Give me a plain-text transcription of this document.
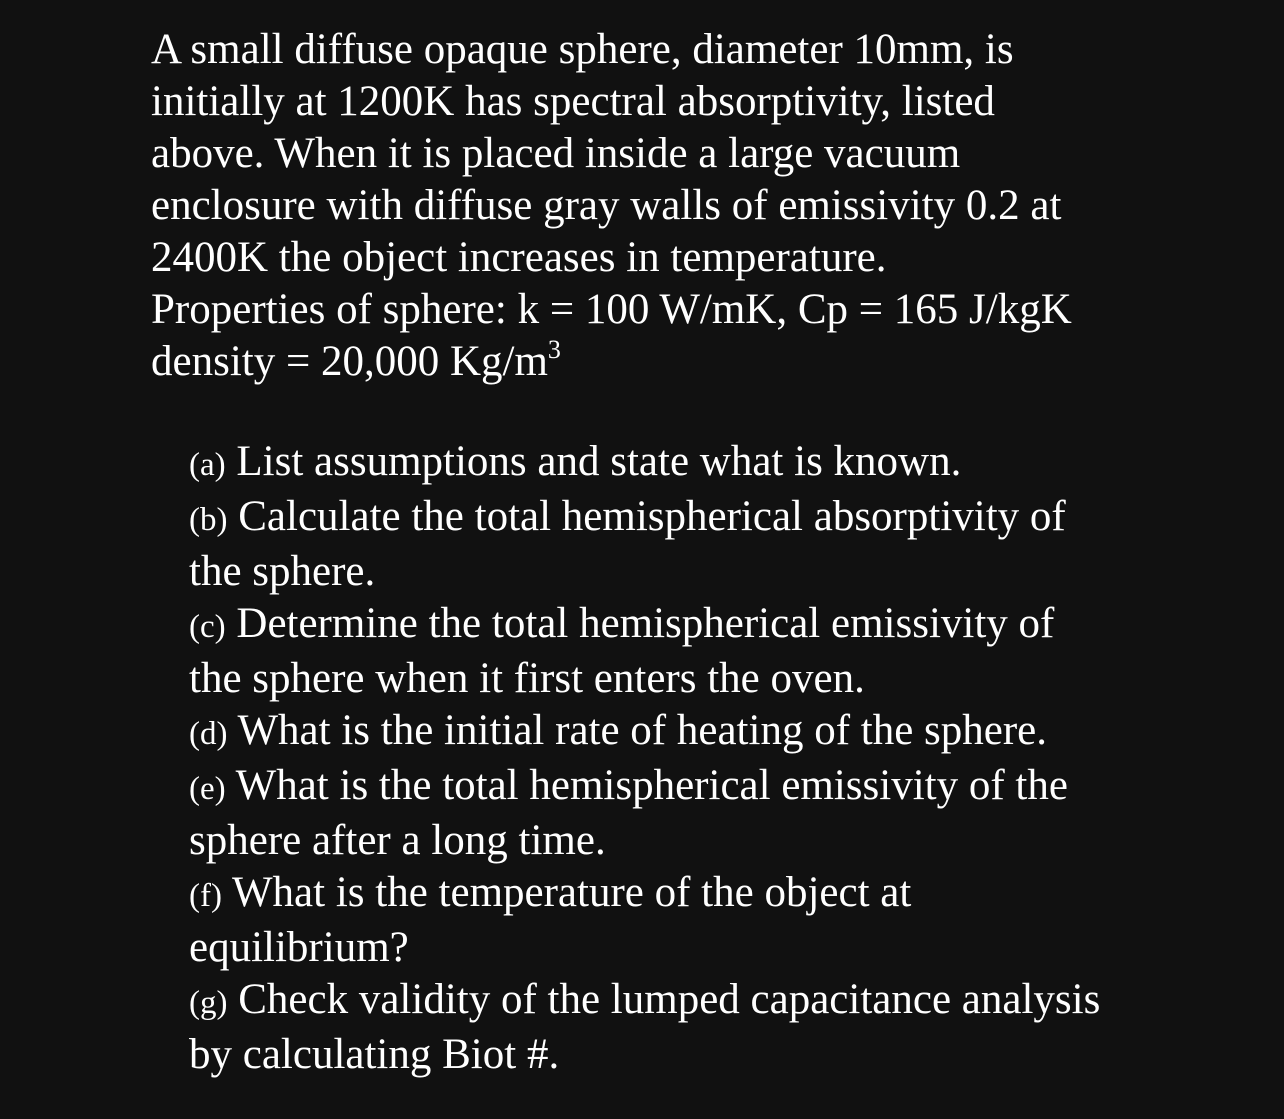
A small diffuse opaque sphere, diameter 10mm, is
initially at 1200K has spectral absorptivity, listed
above. When it is placed inside a large vacuum
enclosure with diffuse gray walls of emissivity 0.2 at
2400K the object increases in temperature.
Properties of sphere: k = 100 W/mK, Cp = 165 J/kgK
density = 20,000 $Kg/m^3$

(a) List assumptions and state what is known.
(b) Calculate the total hemispherical absorptivity of
the sphere.
(c) Determine the total hemispherical emissivity of
the sphere when it first enters the oven.
(d) What is the initial rate of heating of the sphere.
(e) What is the total hemispherical emissivity of the
sphere after a long time.
(f) What is the temperature of the object at
equilibrium?
(g) Check validity of the lumped capacitance analysis
by calculating Biot #.
